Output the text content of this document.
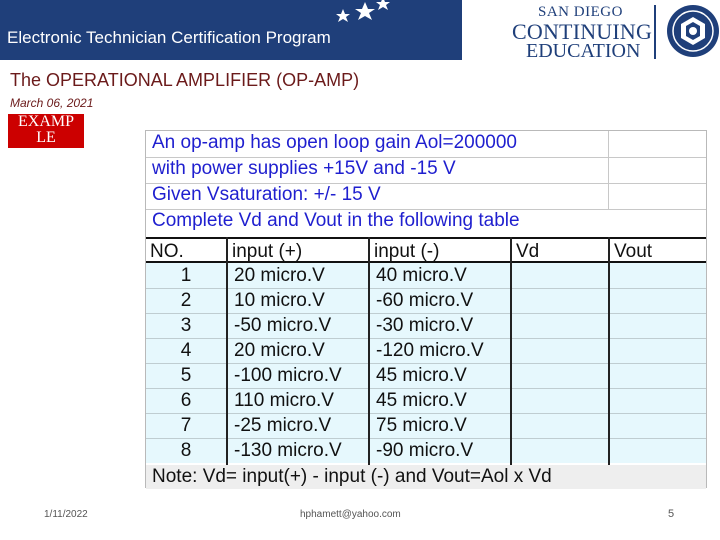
Electronic Technician Certification Program
SAN DIEGO
CONTINUING
EDUCATION
The OPERATIONAL AMPLIFIER (OP-AMP)
March 06, 2021
EXAMP LE	An op-amp has open loop gain Aol=200000
with power supplies +15V and -15 V
Given Vsaturation: +/- 15 V
Complete Vd and Vout in the following table
NO.	input (+)	input (-)	Vd	Vout
1	20 micro.V	40 micro.V
2	10 micro.V	-60 micro.V
3	-50 micro.V	-30 micro.V
4	20 micro.V	-120 micro.V
5	-100 micro.V	45 micro.V
6	110 micro.V	45 micro.V
7	-25 micro.V	75 micro.V
8	-130 micro.V	-90 micro.V
Note: Vd= input(+) - input (-) and Vout=Aol x Vd
1/11/2022	hphamett@yahoo.com	5
